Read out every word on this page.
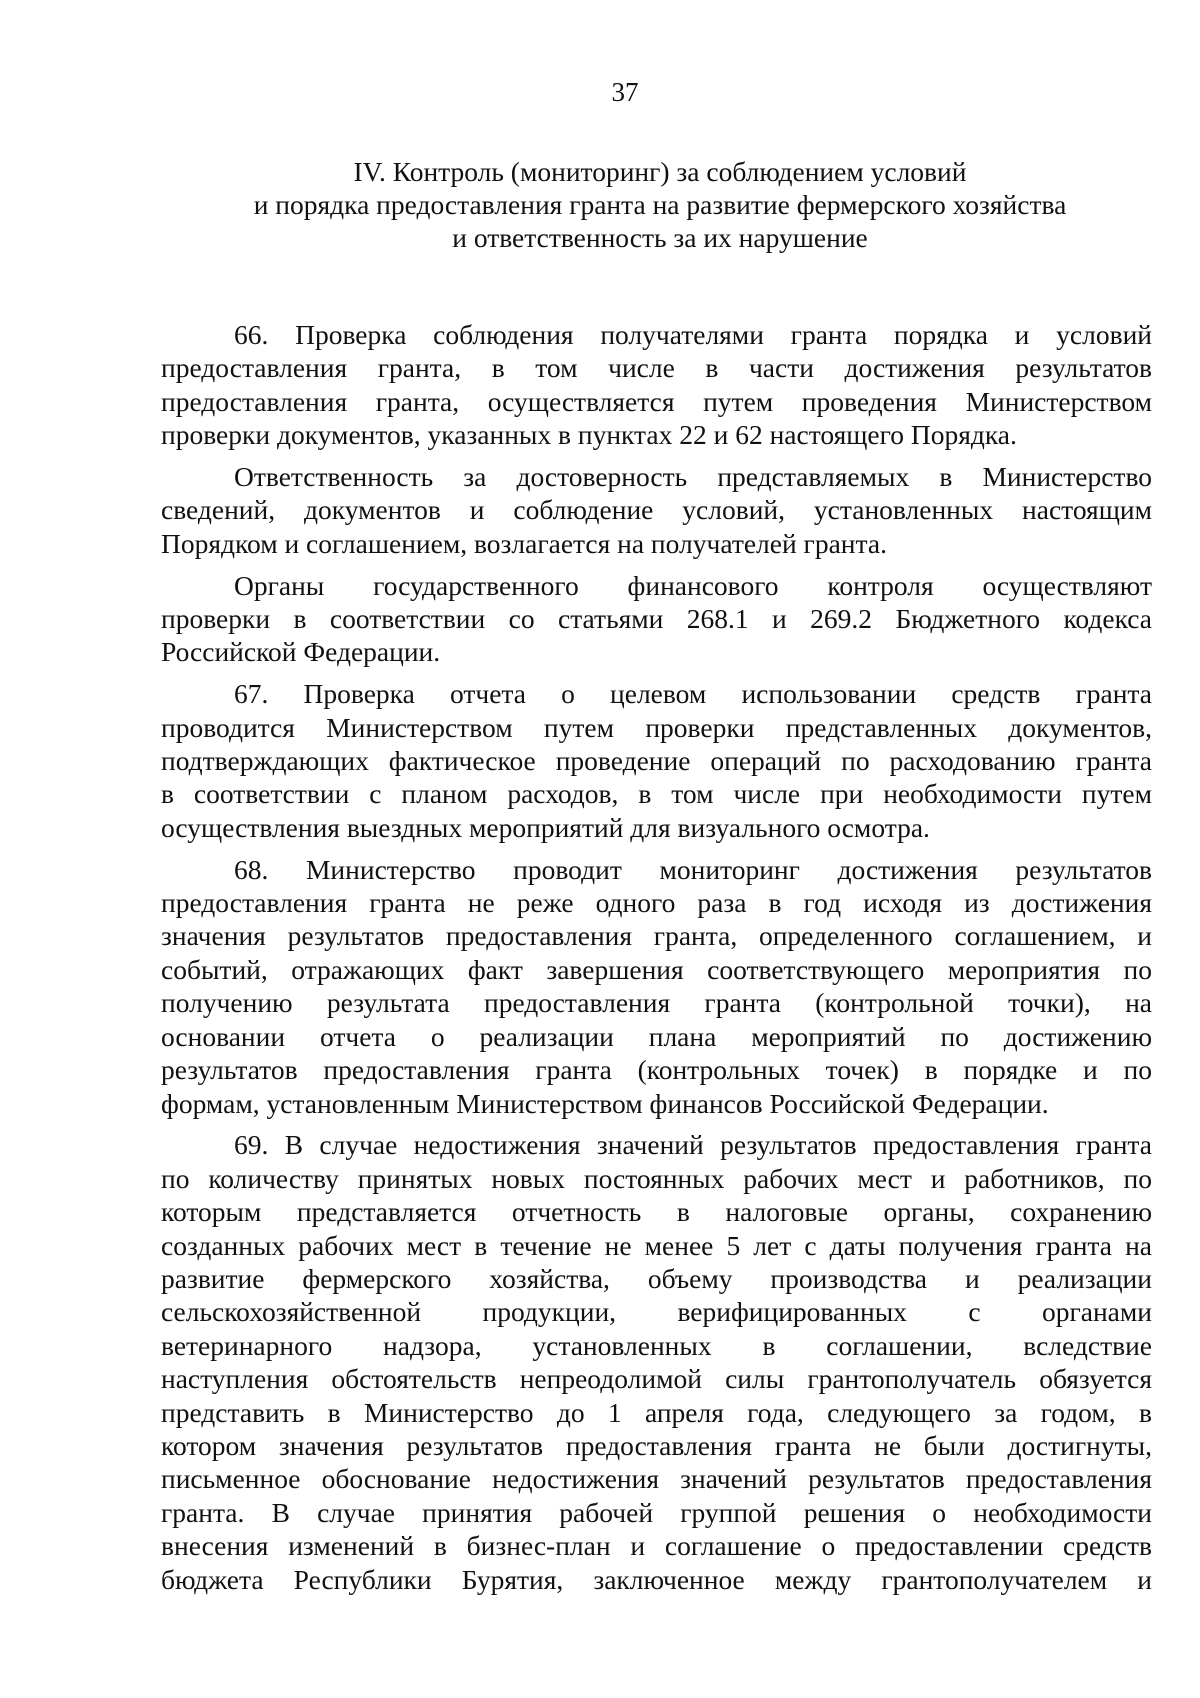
37
IV. Контроль (мониторинг) за соблюдением условий
и порядка предоставления гранта на развитие фермерского хозяйства
и ответственность за их нарушение
66. Проверка соблюдения получателями гранта порядка и условий
предоставления гранта, в том числе в части достижения результатов
предоставления гранта, осуществляется путем проведения Министерством
проверки документов, указанных в пунктах 22 и 62 настоящего Порядка.
Ответственность за достоверность представляемых в Министерство
сведений, документов и соблюдение условий, установленных настоящим
Порядком и соглашением, возлагается на получателей гранта.
Органы государственного финансового контроля осуществляют
проверки в соответствии со статьями 268.1 и 269.2 Бюджетного кодекса
Российской Федерации.
67. Проверка отчета о целевом использовании средств гранта
проводится Министерством путем проверки представленных документов,
подтверждающих фактическое проведение операций по расходованию гранта
в соответствии с планом расходов, в том числе при необходимости путем
осуществления выездных мероприятий для визуального осмотра.
68. Министерство проводит мониторинг достижения результатов
предоставления гранта не реже одного раза в год исходя из достижения
значения результатов предоставления гранта, определенного соглашением, и
событий, отражающих факт завершения соответствующего мероприятия по
получению результата предоставления гранта (контрольной точки), на
основании отчета о реализации плана мероприятий по достижению
результатов предоставления гранта (контрольных точек) в порядке и по
формам, установленным Министерством финансов Российской Федерации.
69. В случае недостижения значений результатов предоставления гранта
по количеству принятых новых постоянных рабочих мест и работников, по
которым представляется отчетность в налоговые органы, сохранению
созданных рабочих мест в течение не менее 5 лет с даты получения гранта на
развитие фермерского хозяйства, объему производства и реализации
сельскохозяйственной продукции, верифицированных с органами
ветеринарного надзора, установленных в соглашении, вследствие
наступления обстоятельств непреодолимой силы грантополучатель обязуется
представить в Министерство до 1 апреля года, следующего за годом, в
котором значения результатов предоставления гранта не были достигнуты,
письменное обоснование недостижения значений результатов предоставления
гранта. В случае принятия рабочей группой решения о необходимости
внесения изменений в бизнес-план и соглашение о предоставлении средств
бюджета Республики Бурятия, заключенное между грантополучателем и
